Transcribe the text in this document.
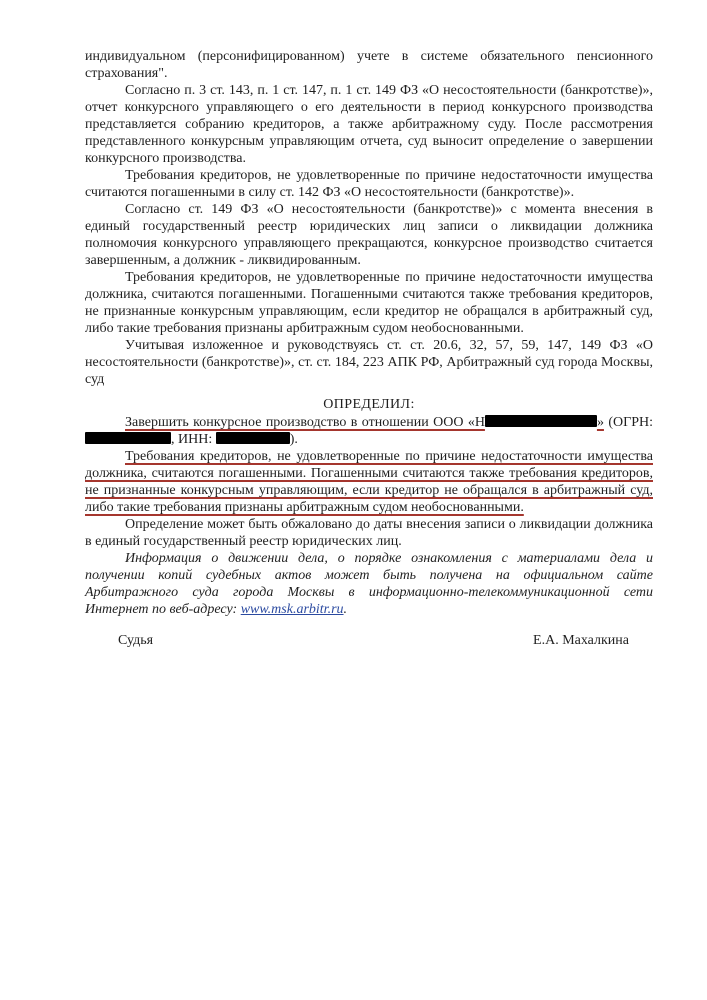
индивидуальном (персонифицированном) учете в системе обязательного пенсионного страхования".

Согласно п. 3 ст. 143, п. 1 ст. 147, п. 1 ст. 149 ФЗ «О несостоятельности (банкротстве)», отчет конкурсного управляющего о его деятельности в период конкурсного производства представляется собранию кредиторов, а также арбитражному суду. После рассмотрения представленного конкурсным управляющим отчета, суд выносит определение о завершении конкурсного производства.

Требования кредиторов, не удовлетворенные по причине недостаточности имущества считаются погашенными в силу ст. 142 ФЗ «О несостоятельности (банкротстве)».

Согласно ст. 149 ФЗ «О несостоятельности (банкротстве)» с момента внесения в единый государственный реестр юридических лиц записи о ликвидации должника полномочия конкурсного управляющего прекращаются, конкурсное производство считается завершенным, а должник - ликвидированным.

Требования кредиторов, не удовлетворенные по причине недостаточности имущества должника, считаются погашенными. Погашенными считаются также требования кредиторов, не признанные конкурсным управляющим, если кредитор не обращался в арбитражный суд, либо такие требования признаны арбитражным судом необоснованными.

Учитывая изложенное и руководствуясь ст. ст. 20.6, 32, 57, 59, 147, 149 ФЗ «О несостоятельности (банкротстве)», ст. ст. 184, 223 АПК РФ, Арбитражный суд города Москвы, суд

ОПРЕДЕЛИЛ:

Завершить конкурсное производство в отношении ООО «Н	» (ОГРН: , ИНН:	).

Требования кредиторов, не удовлетворенные по причине недостаточности имущества должника, считаются погашенными. Погашенными считаются также требования кредиторов, не признанные конкурсным управляющим, если кредитор не обращался в арбитражный суд, либо такие требования признаны арбитражным судом необоснованными.

Определение может быть обжаловано до даты внесения записи о ликвидации должника в единый государственный реестр юридических лиц.

Информация о движении дела, о порядке ознакомления с материалами дела и получении копий судебных актов может быть получена на официальном сайте Арбитражного суда города Москвы в информационно-телекоммуникационной сети Интернет по веб-адресу: www.msk.arbitr.ru.

Судья	Е.А. Махалкина
